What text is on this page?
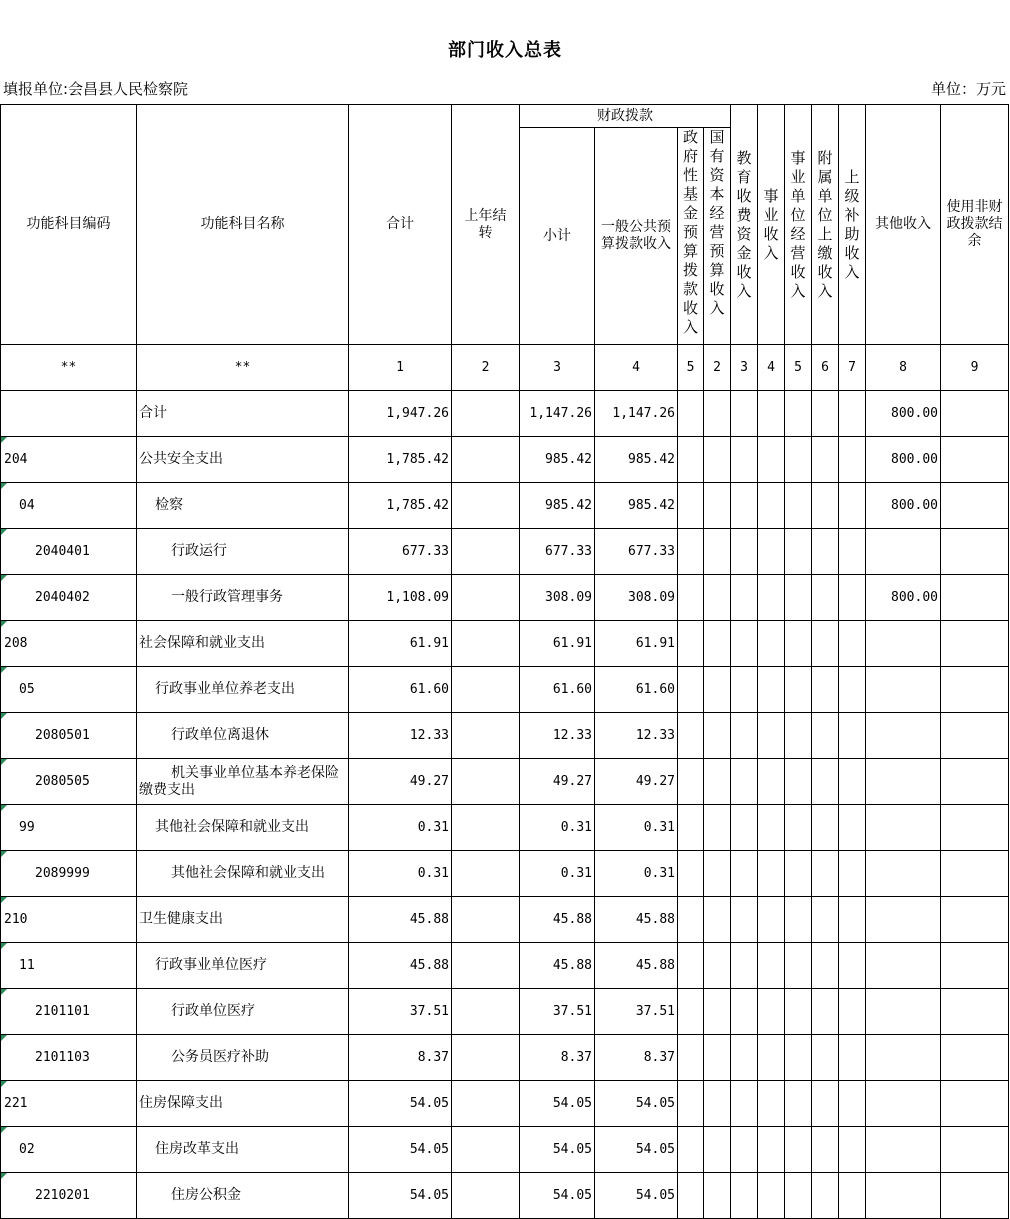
部门收入总表
填报单位:会昌县人民检察院	单位：万元
功能科目编码	功能科目名称	合计	上年结转	财政拨款				教育收费资金收入	事业收入	事业单位经营收入	附属单位上缴收入	上级补助收入	其他收入	使用非财政拨款结余
				小计	一般公共预算拨款收入	政府性基金预算拨款收入	国有资本经营预算收入							
**	**	1	2	3	4	5	2	3	4	5	6	7	8	9
	合计	1,947.26		1,147.26	1,147.26								800.00	
204	公共安全支出	1,785.42		985.42	985.42								800.00	
04	检察	1,785.42		985.42	985.42								800.00	
2040401	行政运行	677.33		677.33	677.33									
2040402	一般行政管理事务	1,108.09		308.09	308.09								800.00	
208	社会保障和就业支出	61.91		61.91	61.91									
05	行政事业单位养老支出	61.60		61.60	61.60									
2080501	行政单位离退休	12.33		12.33	12.33									
2080505	机关事业单位基本养老保险缴费支出	49.27		49.27	49.27									
99	其他社会保障和就业支出	0.31		0.31	0.31									
2089999	其他社会保障和就业支出	0.31		0.31	0.31									
210	卫生健康支出	45.88		45.88	45.88									
11	行政事业单位医疗	45.88		45.88	45.88									
2101101	行政单位医疗	37.51		37.51	37.51									
2101103	公务员医疗补助	8.37		8.37	8.37									
221	住房保障支出	54.05		54.05	54.05									
02	住房改革支出	54.05		54.05	54.05									
2210201	住房公积金	54.05		54.05	54.05									
